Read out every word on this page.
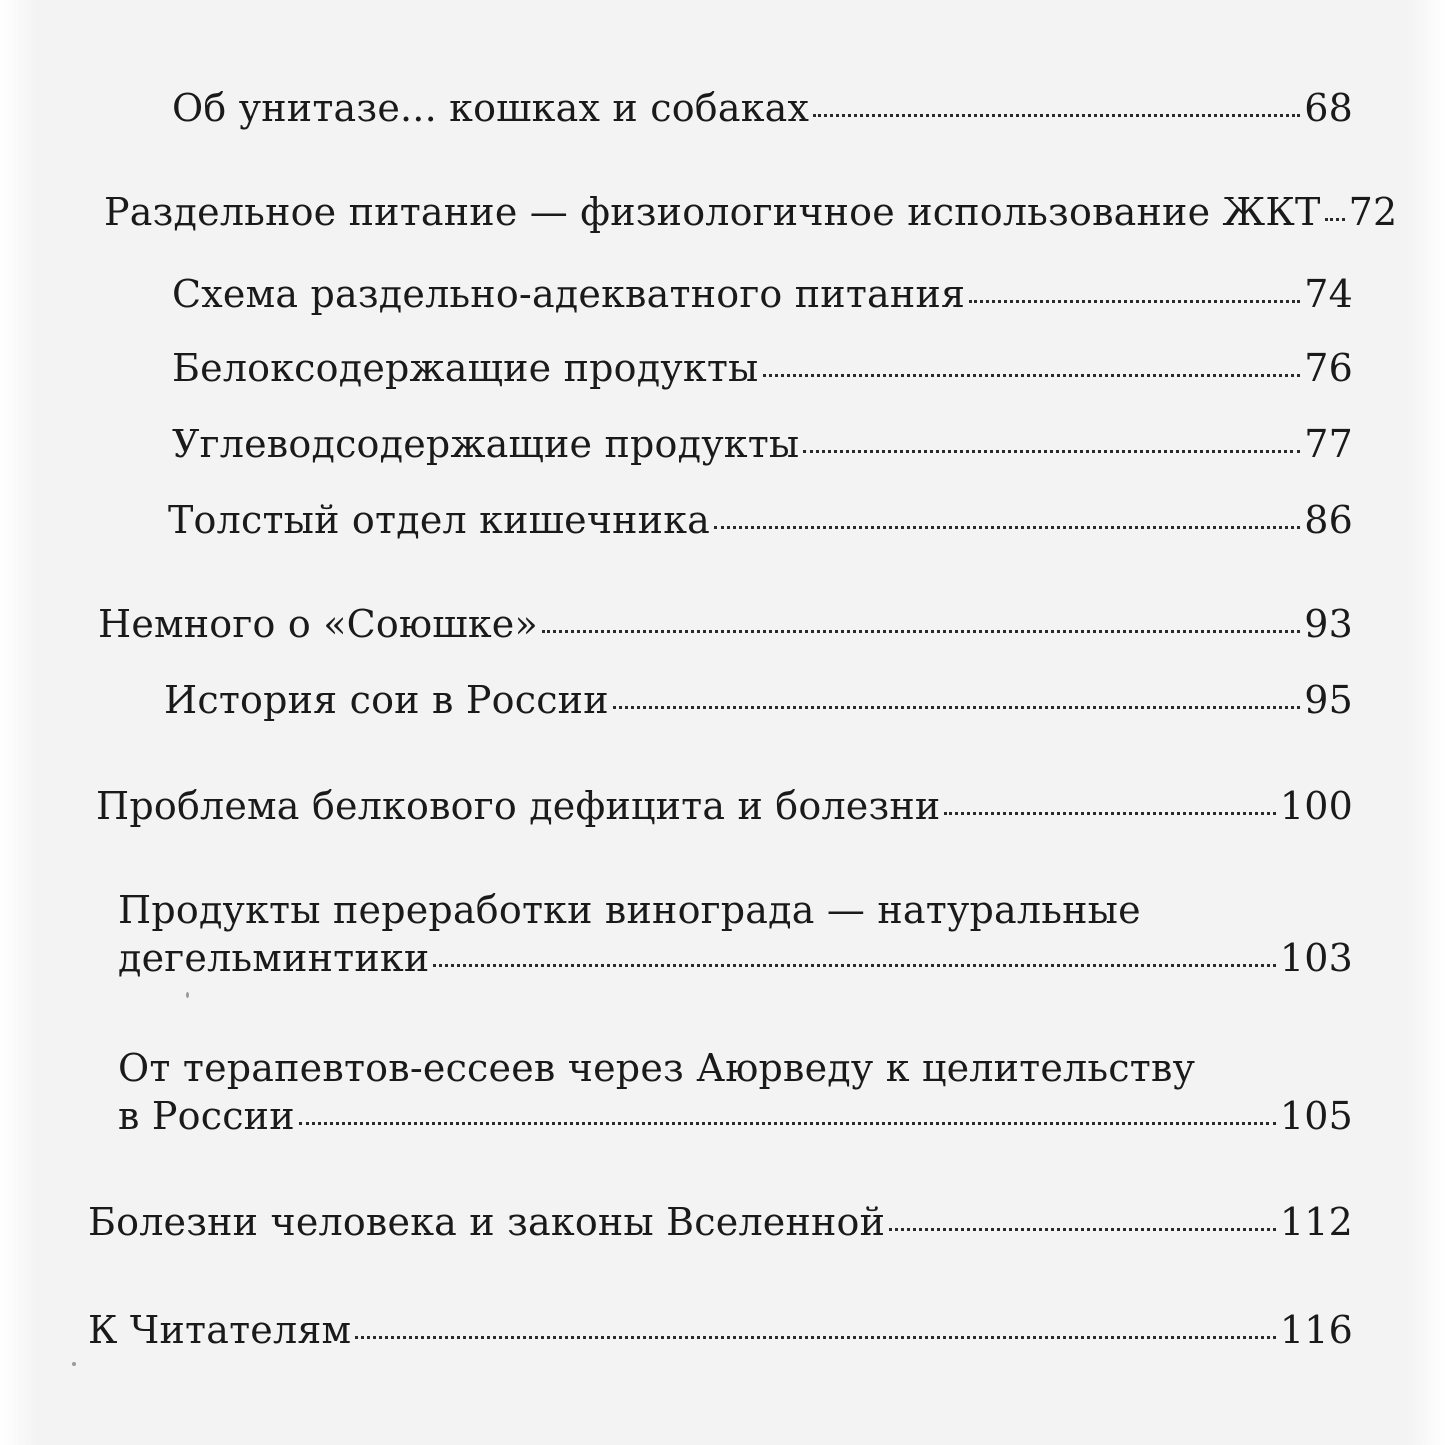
Об унитазе... кошках и собаках	68
Раздельное питание — физиологичное использование ЖКТ 72
Схема раздельно-адекватного питания	74
Белоксодержащие продукты	76
Углеводсодержащие продукты	77
Толстый отдел кишечника	86
Немного о «Союшке»	93
История сои в России	95
Проблема белкового дефицита и болезни	100
Продукты переработки винограда — натуральные
дегельминтики	103
От терапевтов-ессеев через Аюрведу к целительству
в России	105
Болезни человека и законы Вселенной	112
К Читателям	116
